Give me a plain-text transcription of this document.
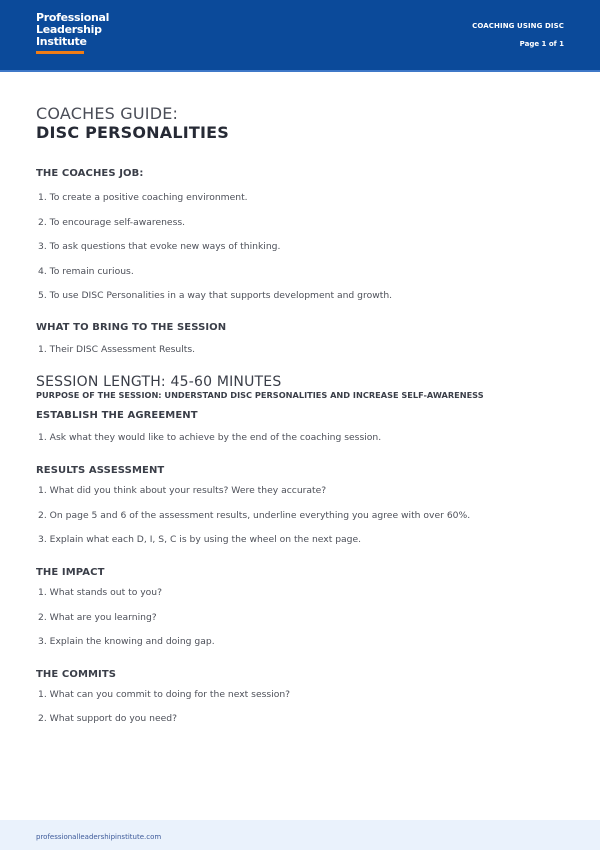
Professional
Leadership
Institute
COACHING USING DISC
Page 1 of 1
COACHES GUIDE:
DISC PERSONALITIES
THE COACHES JOB:
1. To create a positive coaching environment.
2. To encourage self-awareness.
3. To ask questions that evoke new ways of thinking.
4. To remain curious.
5. To use DISC Personalities in a way that supports development and growth.
WHAT TO BRING TO THE SESSION
1. Their DISC Assessment Results.
SESSION LENGTH: 45-60 MINUTES
PURPOSE OF THE SESSION: UNDERSTAND DISC PERSONALITIES AND INCREASE SELF-AWARENESS
ESTABLISH THE AGREEMENT
1. Ask what they would like to achieve by the end of the coaching session.
RESULTS ASSESSMENT
1. What did you think about your results? Were they accurate?
2. On page 5 and 6 of the assessment results, underline everything you agree with over 60%.
3. Explain what each D, I, S, C is by using the wheel on the next page.
THE IMPACT
1. What stands out to you?
2. What are you learning?
3. Explain the knowing and doing gap.
THE COMMITS
1. What can you commit to doing for the next session?
2. What support do you need?
professionalleadershipinstitute.com
